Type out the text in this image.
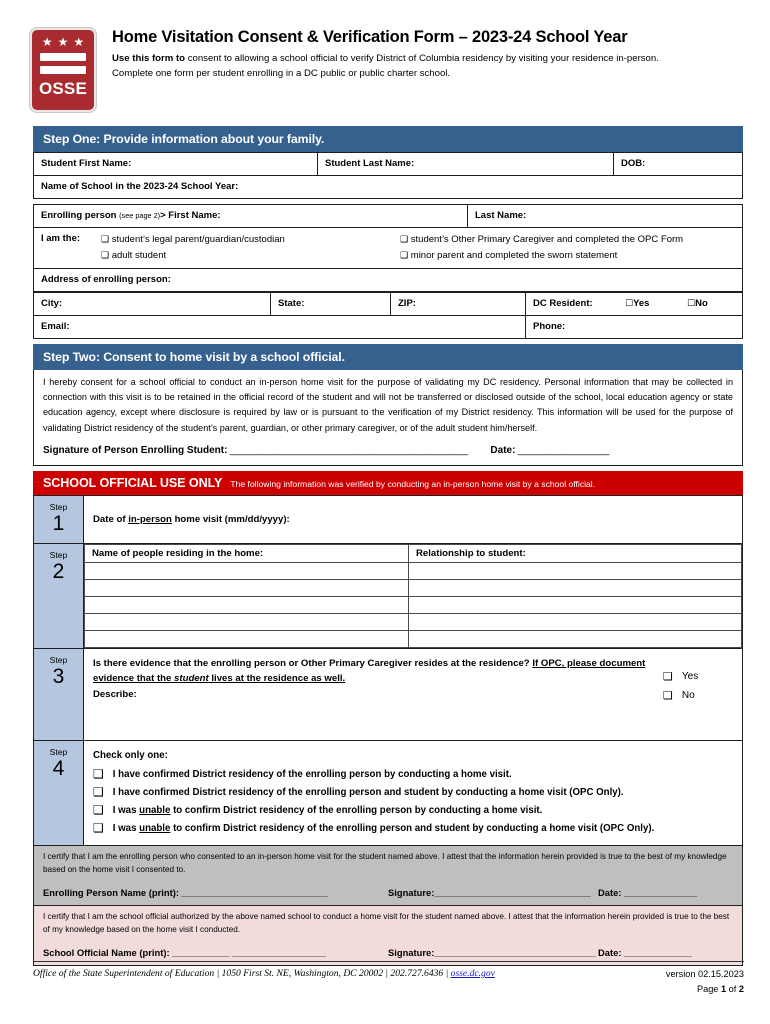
★ ★ ★
OSSE
Home Visitation Consent & Verification Form – 2023-24 School Year

Use this form to consent to allowing a school official to verify District of Columbia residency by visiting your residence in-person. Complete one form per student enrolling in a DC public or public charter school.

Step One: Provide information about your family.
Student First Name:	Student Last Name:	DOB:
Name of School in the 2023-24 School Year:
Enrolling person (see page 2)> First Name:	Last Name:

I am the:	❑ student’s legal parent/guardian/custodian
❑ adult student
❑ student’s Other Primary Caregiver and completed the OPC Form
❑ minor parent and completed the sworn statement

Address of enrolling person:
City:	State:	ZIP:	DC Resident: ☐Yes ☐No

Email:			Phone:
Step Two: Consent to home visit by a school official.
I hereby consent for a school official to conduct an in-person home visit for the purpose of validating my DC residency. Personal information that may be collected in connection with this visit is to be retained in the official record of the student and will not be transferred or disclosed outside of the school, local education agency or state education agency, except where disclosure is required by law or is pursuant to the verification of my District residency. This information will be used for the purpose of validating District residency of the student’s parent, guardian, or other primary caregiver, or of the adult student him/herself.
Signature of Person Enrolling Student: _______________________________________________ Date: __________________
SCHOOL OFFICIAL USE ONLY The following information was verified by conducting an in-person home visit by a school official.
Step
1	Date of in-person home visit (mm/dd/yyyy):

Step
2

Name of people residing in the home:	Relationship to student:

Step
3

Is there evidence that the enrolling person or Other Primary Caregiver resides at the residence? If OPC, please document evidence that the student lives at the residence as well.
Describe:
❑ Yes
❑ No

Step
4

Check only one:
❑ I have confirmed District residency of the enrolling person by conducting a home visit.
❑ I have confirmed District residency of the enrolling person and student by conducting a home visit (OPC Only).
❑ I was unable to confirm District residency of the enrolling person by conducting a home visit.
❑ I was unable to confirm District residency of the enrolling person and student by conducting a home visit (OPC Only).

I certify that I am the enrolling person who consented to an in-person home visit for the student named above. I attest that the information herein provided is true to the best of my knowledge based on the home visit I consented to.

Enrolling Person Name (print): ____________________________	Signature:______________________________ Date: ______________

I certify that I am the school official authorized by the above named school to conduct a home visit for the student named above. I attest that the information herein provided is true to the best of my knowledge based on the home visit I conducted.

School Official Name (print): ___________ __________________	Signature:_______________________________ Date: _____________
Office of the State Superintendent of Education | 1050 First St. NE, Washington, DC 20002 | 202.727.6436 | osse.dc.gov	version 02.15.2023
Page 1 of 2
